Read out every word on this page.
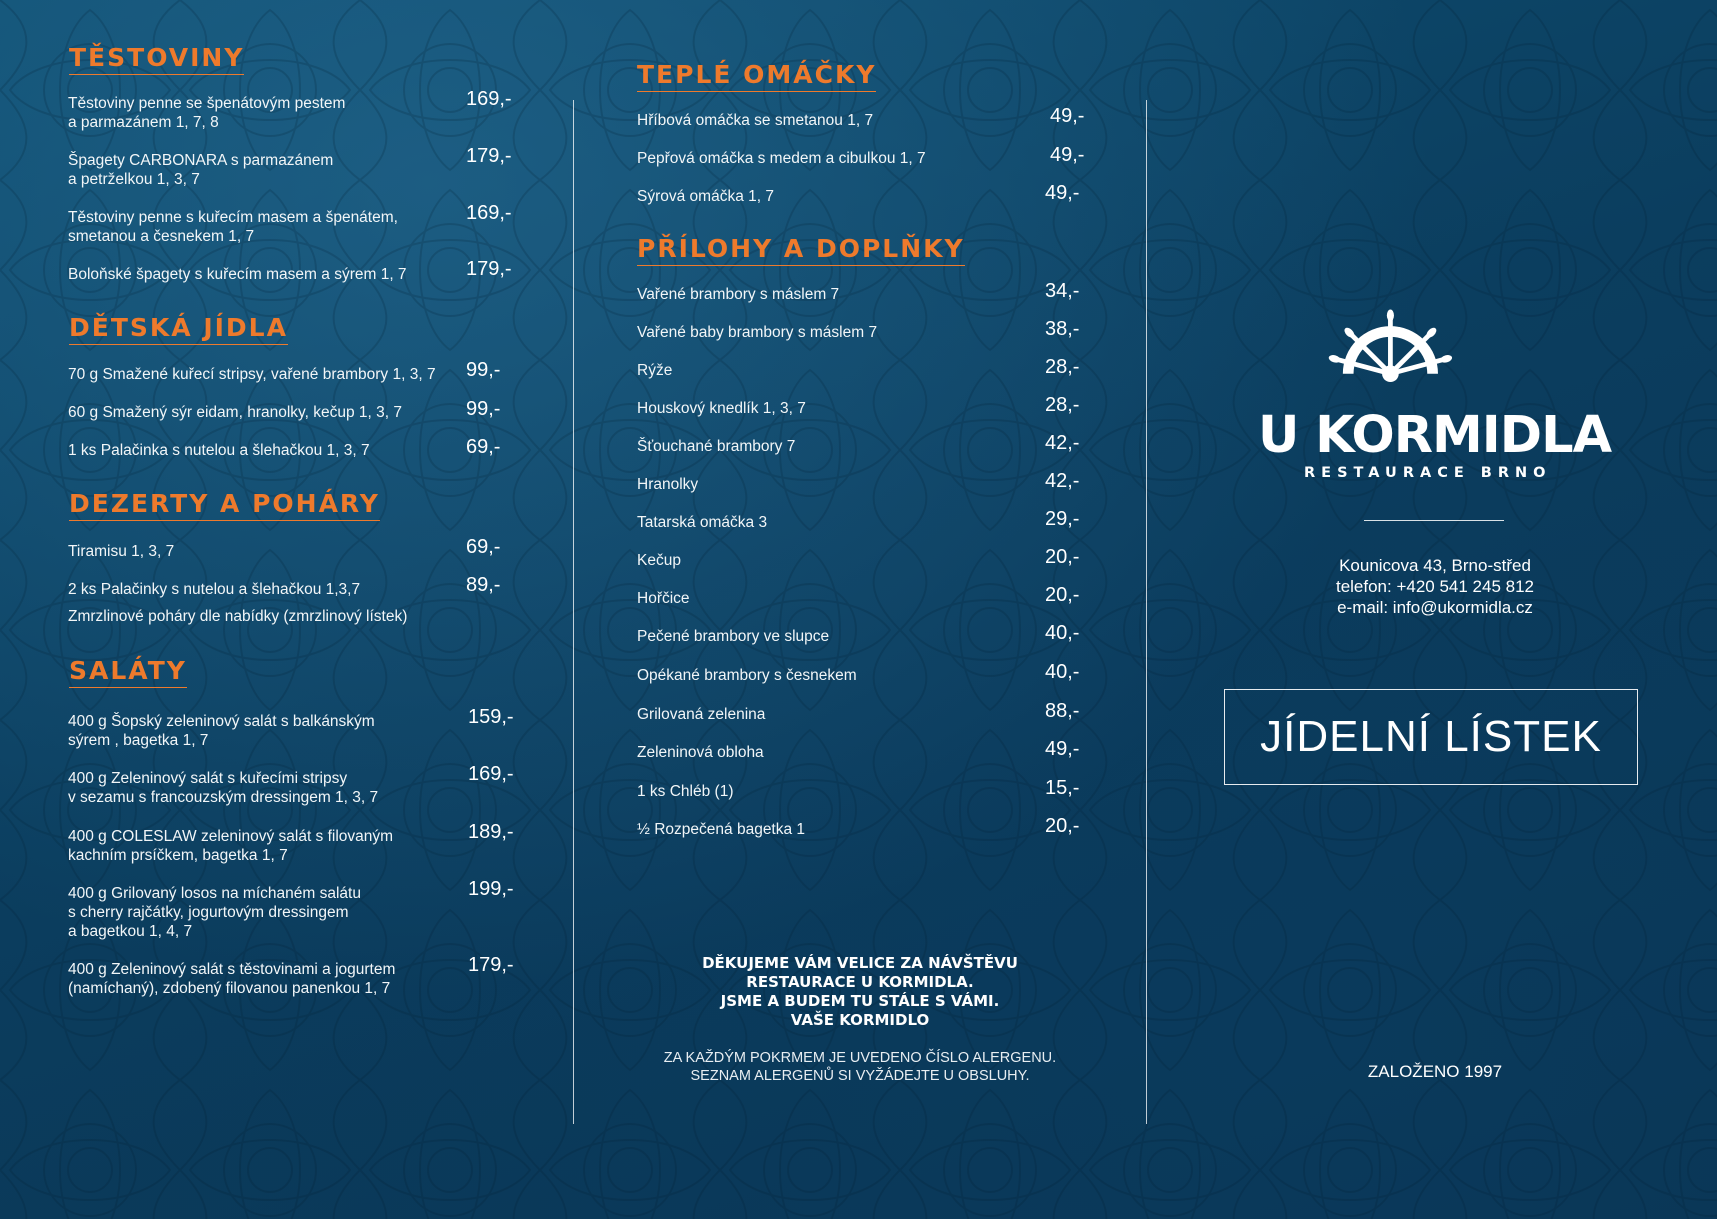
TĚSTOVINY
Těstoviny penne se špenátovým pestem
a parmazánem 1, 7, 8
169,-
Špagety CARBONARA s parmazánem
a petrželkou 1, 3, 7
179,-
Těstoviny penne s kuřecím masem a špenátem,
smetanou a česnekem 1, 7
169,-
Boloňské špagety s kuřecím masem a sýrem 1, 7	179,-
DĚTSKÁ JÍDLA
70 g Smažené kuřecí stripsy, vařené brambory 1, 3, 7 99,-
60 g Smažený sýr eidam, hranolky, kečup 1, 3, 7	99,-
1 ks Palačinka s nutelou a šlehačkou 1, 3, 7	69,-
DEZERTY A POHÁRY
Tiramisu 1, 3, 7	69,-
2 ks Palačinky s nutelou a šlehačkou 1,3,7	89,-
Zmrzlinové poháry dle nabídky (zmrzlinový lístek)
SALÁTY
400 g Šopský zeleninový salát s balkánským
sýrem , bagetka 1, 7
159,-
400 g Zeleninový salát s kuřecími stripsy
v sezamu s francouzským dressingem 1, 3, 7
169,-
400 g COLESLAW zeleninový salát s filovaným
kachním prsíčkem, bagetka 1, 7
189,-
400 g Grilovaný losos na míchaném salátu
s cherry rajčátky, jogurtovým dressingem
a bagetkou 1, 4, 7
199,-
400 g Zeleninový salát s těstovinami a jogurtem
(namíchaný), zdobený filovanou panenkou 1, 7
179,-
TEPLÉ OMÁČKY
Hříbová omáčka se smetanou 1, 7	49,-
Pepřová omáčka s medem a cibulkou 1, 7	49,-
Sýrová omáčka 1, 7	49,-
PŘÍLOHY A DOPLŇKY
Vařené brambory s máslem 7	34,-
Vařené baby brambory s máslem 7	38,-
Rýže	28,-
Houskový knedlík 1, 3, 7	28,-
Šťouchané brambory 7	42,-
Hranolky	42,-
Tatarská omáčka 3	29,-
Kečup	20,-
Hořčice	20,-
Pečené brambory ve slupce	40,-
Opékané brambory s česnekem	40,-
Grilovaná zelenina	88,-
Zeleninová obloha	49,-
1 ks Chléb (1)	15,-
½ Rozpečená bagetka 1	20,-
DĚKUJEME VÁM VELICE ZA NÁVŠTĚVU
RESTAURACE U KORMIDLA.
JSME A BUDEM TU STÁLE S VÁMI.
VAŠE KORMIDLO
ZA KAŽDÝM POKRMEM JE UVEDENO ČÍSLO ALERGENU.
SEZNAM ALERGENŮ SI VYŽÁDEJTE U OBSLUHY.
U KORMIDLA
RESTAURACE BRNO
Kounicova 43, Brno-střed
telefon: +420 541 245 812
e-mail: info@ukormidla.cz
JÍDELNÍ LÍSTEK
ZALOŽENO 1997
